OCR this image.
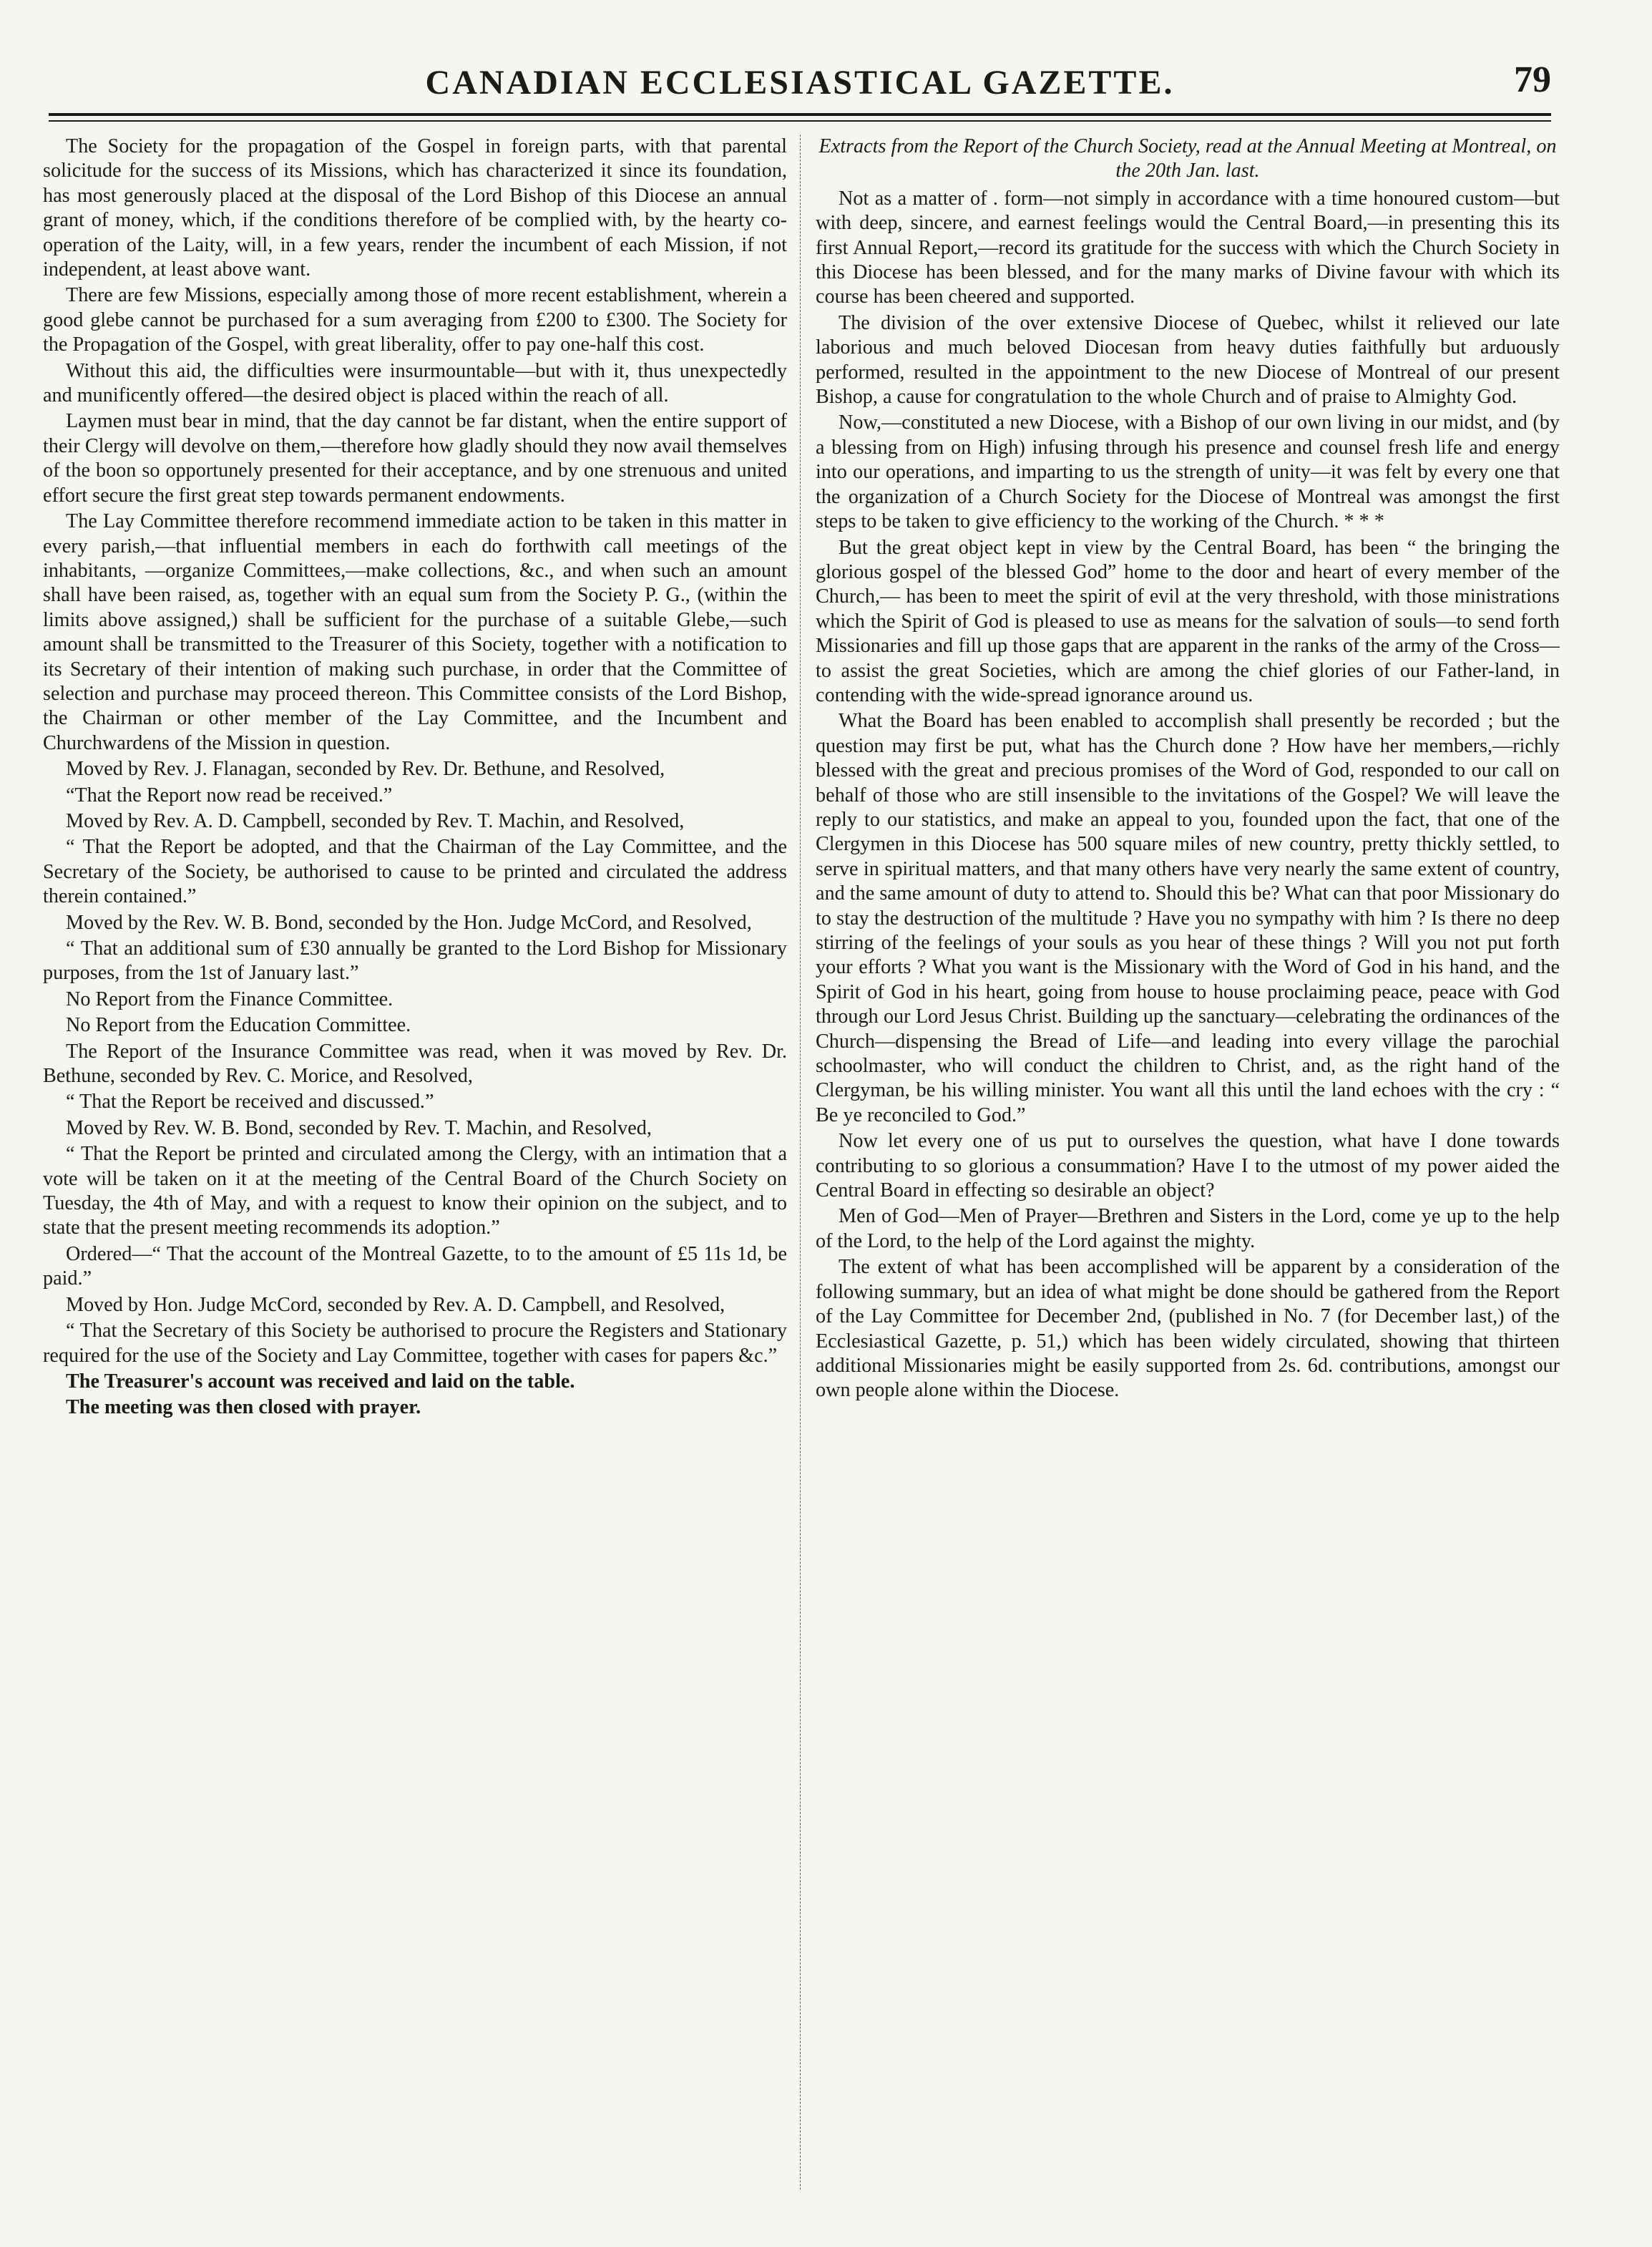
CANADIAN ECCLESIASTICAL GAZETTE.	79

The Society for the propagation of the Gospel in foreign parts, with that parental solicitude for the success of its Missions, which has characterized it since its foundation, has most generously placed at the disposal of the Lord Bishop of this Diocese an annual grant of money, which, if the conditions therefore of be complied with, by the hearty co-operation of the Laity, will, in a few years, render the incumbent of each Mission, if not independent, at least above want.

There are few Missions, especially among those of more recent establishment, wherein a good glebe cannot be purchased for a sum averaging from £200 to £300. The Society for the Propagation of the Gospel, with great liberality, offer to pay one-half this cost.

Without this aid, the difficulties were insurmountable—but with it, thus unexpectedly and munificently offered—the desired object is placed within the reach of all.

Laymen must bear in mind, that the day cannot be far distant, when the entire support of their Clergy will devolve on them,—therefore how gladly should they now avail themselves of the boon so opportunely presented for their acceptance, and by one strenuous and united effort secure the first great step towards permanent endowments.

The Lay Committee therefore recommend immediate action to be taken in this matter in every parish,—that influential members in each do forthwith call meetings of the inhabitants, —organize Committees,—make collections, &c., and when such an amount shall have been raised, as, together with an equal sum from the Society P. G., (within the limits above assigned,) shall be sufficient for the purchase of a suitable Glebe,—such amount shall be transmitted to the Treasurer of this Society, together with a notification to its Secretary of their intention of making such purchase, in order that the Committee of selection and purchase may proceed thereon. This Committee consists of the Lord Bishop, the Chairman or other member of the Lay Committee, and the Incumbent and Churchwardens of the Mission in question.

Moved by Rev. J. Flanagan, seconded by Rev. Dr. Bethune, and Resolved,

“That the Report now read be received.”

Moved by Rev. A. D. Campbell, seconded by Rev. T. Machin, and Resolved,

“ That the Report be adopted, and that the Chairman of the Lay Committee, and the Secretary of the Society, be authorised to cause to be printed and circulated the address therein contained.”

Moved by the Rev. W. B. Bond, seconded by the Hon. Judge McCord, and Resolved,

“ That an additional sum of £30 annually be granted to the Lord Bishop for Missionary purposes, from the 1st of January last.”

No Report from the Finance Committee.

No Report from the Education Committee.

The Report of the Insurance Committee was read, when it was moved by Rev. Dr. Bethune, seconded by Rev. C. Morice, and Resolved,

“ That the Report be received and discussed.”

Moved by Rev. W. B. Bond, seconded by Rev. T. Machin, and Resolved,

“ That the Report be printed and circulated among the Clergy, with an intimation that a vote will be taken on it at the meeting of the Central Board of the Church Society on Tuesday, the 4th of May, and with a request to know their opinion on the subject, and to state that the present meeting recommends its adoption.”

Ordered—“ That the account of the Montreal Gazette, to to the amount of £5 11s 1d, be paid.”

Moved by Hon. Judge McCord, seconded by Rev. A. D. Campbell, and Resolved,

“ That the Secretary of this Society be authorised to procure the Registers and Stationary required for the use of the Society and Lay Committee, together with cases for papers &c.”

The Treasurer's account was received and laid on the table.

The meeting was then closed with prayer.

Extracts from the Report of the Church Society, read at the Annual Meeting at Montreal, on the 20th Jan. last.

Not as a matter of . form—not simply in accordance with a time honoured custom—but with deep, sincere, and earnest feelings would the Central Board,—in presenting this its first Annual Report,—record its gratitude for the success with which the Church Society in this Diocese has been blessed, and for the many marks of Divine favour with which its course has been cheered and supported.

The division of the over extensive Diocese of Quebec, whilst it relieved our late laborious and much beloved Diocesan from heavy duties faithfully but arduously performed, resulted in the appointment to the new Diocese of Montreal of our present Bishop, a cause for congratulation to the whole Church and of praise to Almighty God.

Now,—constituted a new Diocese, with a Bishop of our own living in our midst, and (by a blessing from on High) infusing through his presence and counsel fresh life and energy into our operations, and imparting to us the strength of unity—it was felt by every one that the organization of a Church Society for the Diocese of Montreal was amongst the first steps to be taken to give efficiency to the working of the Church. * * *

But the great object kept in view by the Central Board, has been “ the bringing the glorious gospel of the blessed God” home to the door and heart of every member of the Church,— has been to meet the spirit of evil at the very threshold, with those ministrations which the Spirit of God is pleased to use as means for the salvation of souls—to send forth Missionaries and fill up those gaps that are apparent in the ranks of the army of the Cross—to assist the great Societies, which are among the chief glories of our Father-land, in contending with the wide-spread ignorance around us.

What the Board has been enabled to accomplish shall presently be recorded ; but the question may first be put, what has the Church done ? How have her members,—richly blessed with the great and precious promises of the Word of God, responded to our call on behalf of those who are still insensible to the invitations of the Gospel? We will leave the reply to our statistics, and make an appeal to you, founded upon the fact, that one of the Clergymen in this Diocese has 500 square miles of new country, pretty thickly settled, to serve in spiritual matters, and that many others have very nearly the same extent of country, and the same amount of duty to attend to. Should this be? What can that poor Missionary do to stay the destruction of the multitude ? Have you no sympathy with him ? Is there no deep stirring of the feelings of your souls as you hear of these things ? Will you not put forth your efforts ? What you want is the Missionary with the Word of God in his hand, and the Spirit of God in his heart, going from house to house proclaiming peace, peace with God through our Lord Jesus Christ. Building up the sanctuary—celebrating the ordinances of the Church—dispensing the Bread of Life—and leading into every village the parochial schoolmaster, who will conduct the children to Christ, and, as the right hand of the Clergyman, be his willing minister. You want all this until the land echoes with the cry : “ Be ye reconciled to God.”

Now let every one of us put to ourselves the question, what have I done towards contributing to so glorious a consummation? Have I to the utmost of my power aided the Central Board in effecting so desirable an object?

Men of God—Men of Prayer—Brethren and Sisters in the Lord, come ye up to the help of the Lord, to the help of the Lord against the mighty.

The extent of what has been accomplished will be apparent by a consideration of the following summary, but an idea of what might be done should be gathered from the Report of the Lay Committee for December 2nd, (published in No. 7 (for December last,) of the Ecclesiastical Gazette, p. 51,) which has been widely circulated, showing that thirteen additional Missionaries might be easily supported from 2s. 6d. contributions, amongst our own people alone within the Diocese.
